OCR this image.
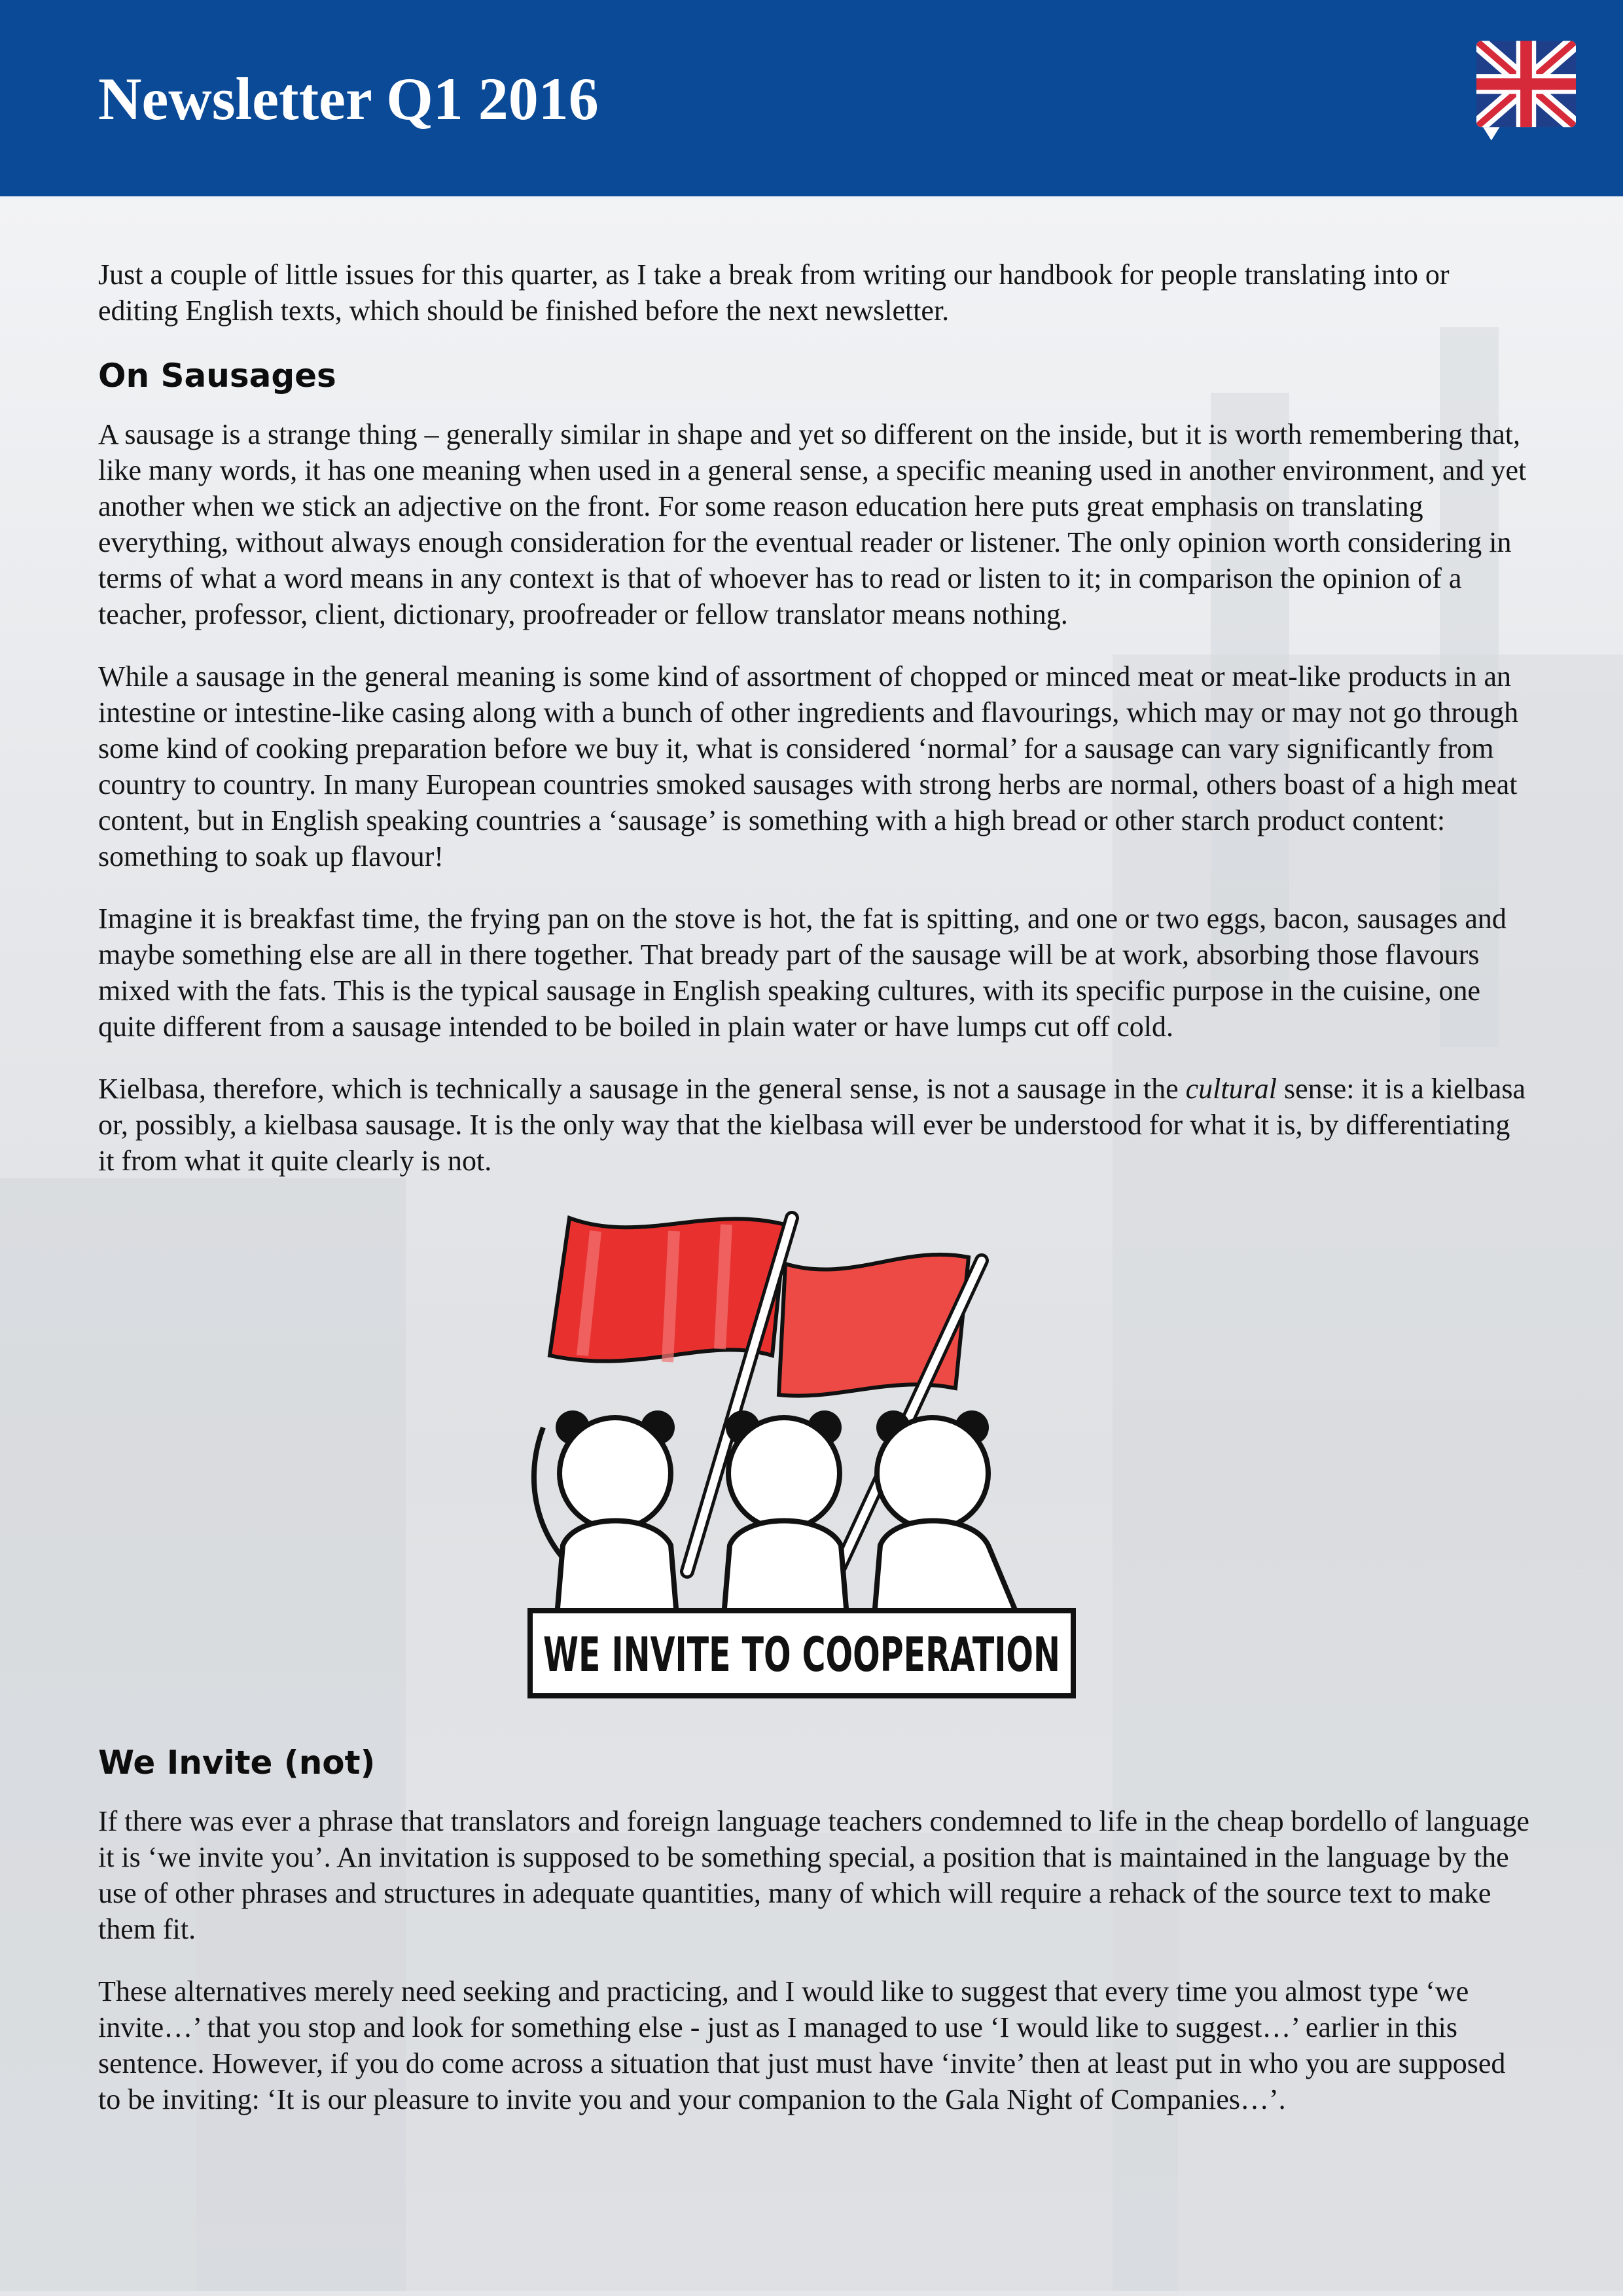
Newsletter Q1 2016

Just a couple of little issues for this quarter, as I take a break from writing our handbook for people translating into or editing English texts, which should be finished before the next newsletter.

On Sausages

A sausage is a strange thing – generally similar in shape and yet so different on the inside, but it is worth remembering that, like many words, it has one meaning when used in a general sense, a specific meaning used in another environment, and yet another when we stick an adjective on the front. For some reason education here puts great emphasis on translating everything, without always enough consideration for the eventual reader or listener. The only opinion worth considering in terms of what a word means in any context is that of whoever has to read or listen to it; in comparison the opinion of a teacher, professor, client, dictionary, proofreader or fellow translator means nothing.

While a sausage in the general meaning is some kind of assortment of chopped or minced meat or meat-like products in an intestine or intestine-like casing along with a bunch of other ingredients and flavourings, which may or may not go through some kind of cooking preparation before we buy it, what is considered ‘normal’ for a sausage can vary significantly from country to country. In many European countries smoked sausages with strong herbs are normal, others boast of a high meat content, but in English speaking countries a ‘sausage’ is something with a high bread or other starch product content: something to soak up flavour!

Imagine it is breakfast time, the frying pan on the stove is hot, the fat is spitting, and one or two eggs, bacon, sausages and maybe something else are all in there together. That bready part of the sausage will be at work, absorbing those flavours mixed with the fats. This is the typical sausage in English speaking cultures, with its specific purpose in the cuisine, one quite different from a sausage intended to be boiled in plain water or have lumps cut off cold.

Kielbasa, therefore, which is technically a sausage in the general sense, is not a sausage in the cultural sense: it is a kielbasa or, possibly, a kielbasa sausage. It is the only way that the kielbasa will ever be understood for what it is, by differentiating it from what it quite clearly is not.

WE INVITE TO COOPERATION
We Invite (not)

If there was ever a phrase that translators and foreign language teachers condemned to life in the cheap bordello of language it is ‘we invite you’. An invitation is supposed to be something special, a position that is maintained in the language by the use of other phrases and structures in adequate quantities, many of which will require a rehack of the source text to make them fit.

These alternatives merely need seeking and practicing, and I would like to suggest that every time you almost type ‘we invite…’ that you stop and look for something else - just as I managed to use ‘I would like to suggest…’ earlier in this sentence. However, if you do come across a situation that just must have ‘invite’ then at least put in who you are supposed to be inviting: ‘It is our pleasure to invite you and your companion to the Gala Night of Companies…’.
